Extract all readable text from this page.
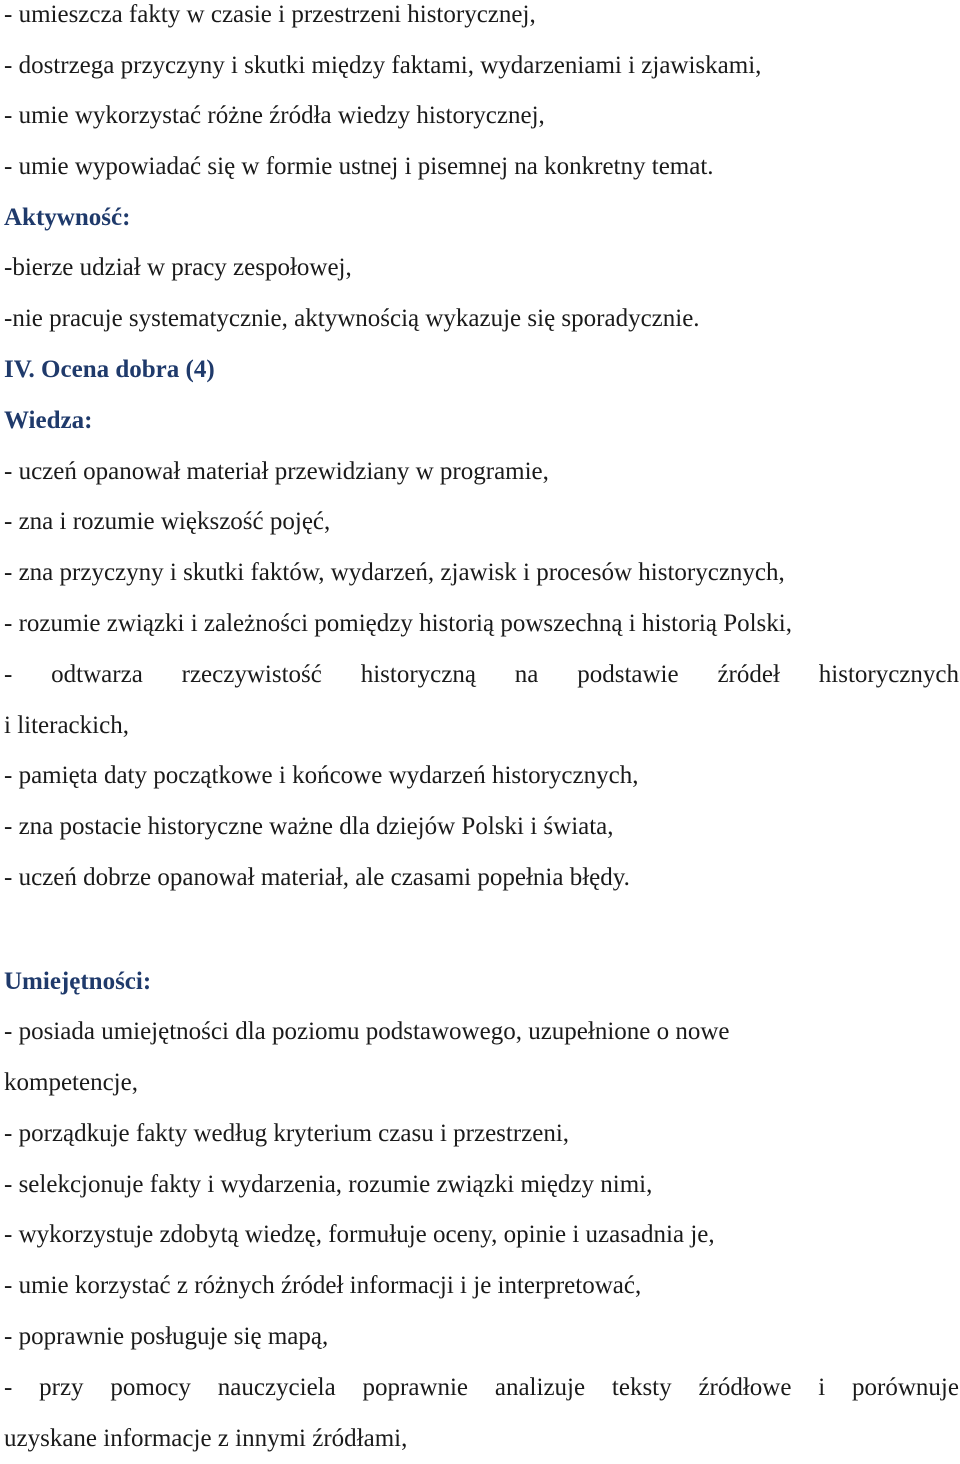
- umieszcza fakty w czasie i przestrzeni historycznej,
- dostrzega przyczyny i skutki między faktami, wydarzeniami i zjawiskami,
- umie wykorzystać różne źródła wiedzy historycznej,
- umie wypowiadać się w formie ustnej i pisemnej na konkretny temat.
Aktywność:
-bierze udział w pracy zespołowej,
-nie pracuje systematycznie, aktywnością wykazuje się sporadycznie.
IV. Ocena dobra (4)
Wiedza:
- uczeń opanował materiał przewidziany w programie,
- zna i rozumie większość pojęć,
- zna przyczyny i skutki faktów, wydarzeń, zjawisk i procesów historycznych,
- rozumie związki i zależności pomiędzy historią powszechną i historią Polski,
- odtwarza rzeczywistość historyczną na podstawie źródeł historycznych
i literackich,
- pamięta daty początkowe i końcowe wydarzeń historycznych,
- zna postacie historyczne ważne dla dziejów Polski i świata,
- uczeń dobrze opanował materiał, ale czasami popełnia błędy.
Umiejętności:
- posiada umiejętności dla poziomu podstawowego, uzupełnione o nowe
kompetencje,
- porządkuje fakty według kryterium czasu i przestrzeni,
- selekcjonuje fakty i wydarzenia, rozumie związki między nimi,
- wykorzystuje zdobytą wiedzę, formułuje oceny, opinie i uzasadnia je,
- umie korzystać z różnych źródeł informacji i je interpretować,
- poprawnie posługuje się mapą,
- przy pomocy nauczyciela poprawnie analizuje teksty źródłowe i porównuje
uzyskane informacje z innymi źródłami,
